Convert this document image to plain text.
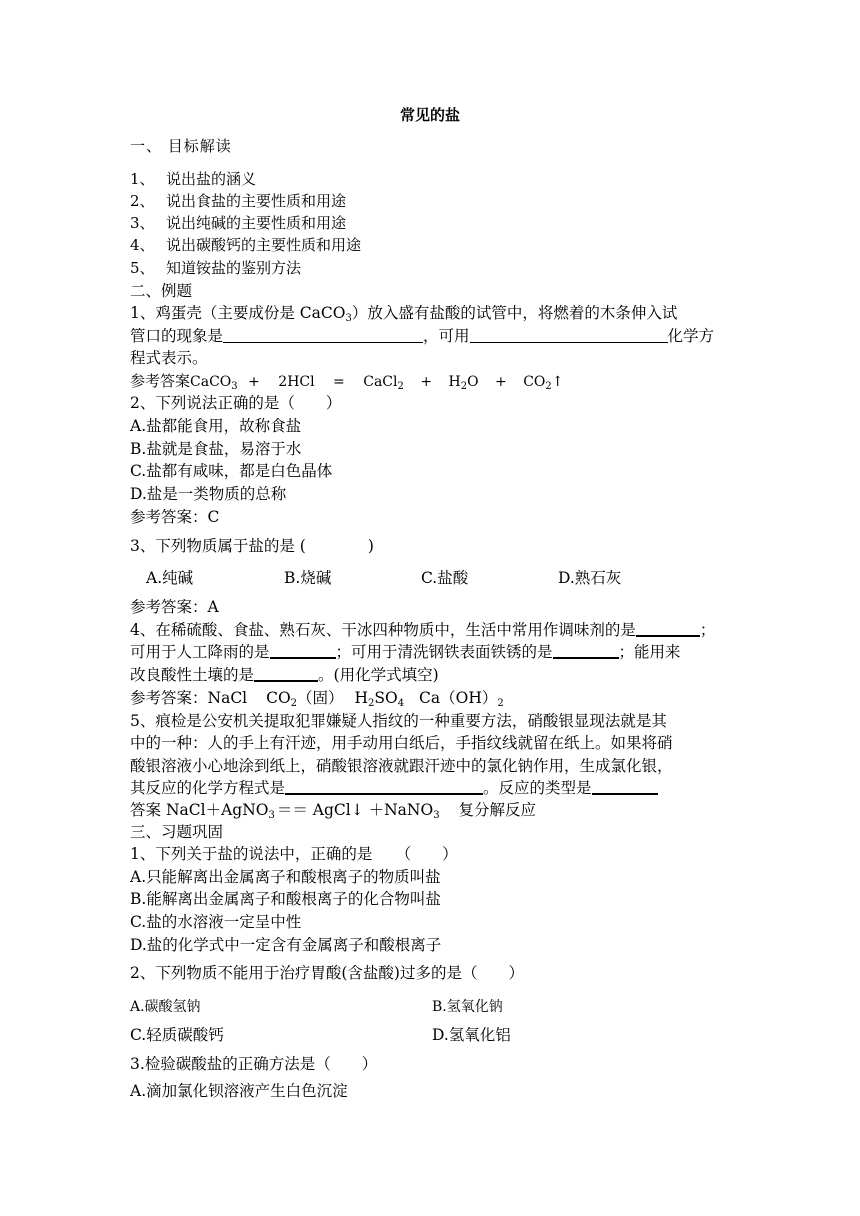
常见的盐
一、 目标解读
1、 说出盐的涵义
2、 说出食盐的主要性质和用途
3、 说出纯碱的主要性质和用途
4、 说出碳酸钙的主要性质和用途
5、 知道铵盐的鉴别方法
二、例题
1、鸡蛋壳（主要成份是 CaCO$_3$）放入盛有盐酸的试管中，将燃着的木条伸入试
管口的现象是	，可用	化学方
程式表示。
参考答案CaCO$_3$ + 2HCl = CaCl$_2$ + $H_2O$ + $CO_2↑$
2、下列说法正确的是（　　）
A.盐都能食用，故称食盐
B.盐就是食盐，易溶于水
C.盐都有咸味，都是白色晶体
D.盐是一类物质的总称
参考答案：C
3、下列物质属于盐的是 (　　　　)
A.纯碱	B.烧碱	C.盐酸	D.熟石灰
参考答案：A
4、在稀硫酸、食盐、熟石灰、干冰四种物质中，生活中常用作调味剂的是	；
可用于人工降雨的是	；可用于清洗钢铁表面铁锈的是	；能用来
改良酸性土壤的是	。(用化学式填空)
参考答案：NaCl $CO_2$（固） $H_2SO_4$ $Ca(OH)_2$
5、痕检是公安机关提取犯罪嫌疑人指纹的一种重要方法，硝酸银显现法就是其
中的一种：人的手上有汗迹，用手动用白纸后，手指纹线就留在纸上。如果将硝
酸银溶液小心地涂到纸上，硝酸银溶液就跟汗迹中的氯化钠作用，生成氯化银，
其反应的化学方程式是	。反应的类型是
答案 NaCl＋AgNO$_3$ ＝＝ AgCl↓ ＋NaNO$_3$ 复分解反应
三、习题巩固
1、下列关于盐的说法中，正确的是　　（　　）
A.只能解离出金属离子和酸根离子的物质叫盐
B.能解离出金属离子和酸根离子的化合物叫盐
C.盐的水溶液一定呈中性
D.盐的化学式中一定含有金属离子和酸根离子
2、下列物质不能用于治疗胃酸(含盐酸)过多的是（　　）
A.碳酸氢钠	B.氢氧化钠
C.轻质碳酸钙	D.氢氧化铝
3.检验碳酸盐的正确方法是（　　）
A.滴加氯化钡溶液产生白色沉淀
